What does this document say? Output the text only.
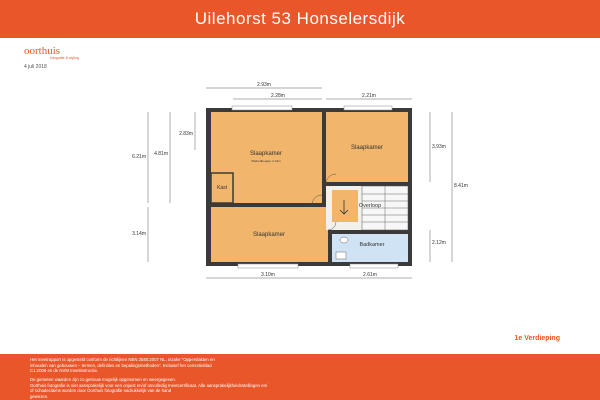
Uilehorst 53 Honselersdijk
oorthuis
fotografie & styling
4 juli 2018
Slaapkamer
Plafondhoogte: 2.41m
Slaapkamer
Slaapkamer
Kast
Overloop
Badkamer
2.93m
2.28m	2.21m
3.10m	2.61m
6.21m 4.81m
2.83m
3.14m
3.93m
8.41m
2.12m
1e Verdieping

Het meetrapport is opgesteld conform de richtlijnen NEN 2580:2007 NL, inzake "Oppervlakten en

inhouden van gebouwen – termen, definities en bepalingsmethoden". Inclusief het correctieblad

C1:2008 en de NVM meetinstructie.

De gemeten waarden zijn zo getrouw mogelijk opgenomen en weergegeven.

Oorthuis fotografie is niet aansprakelijk voor een onjuist en/of onvolledig meetcertificaat. Alle aansprakelijkheidsstellingen en/

of schadeclaims worden door Oorthuis fotografie nadrukkelijk van de hand

gewezen.
